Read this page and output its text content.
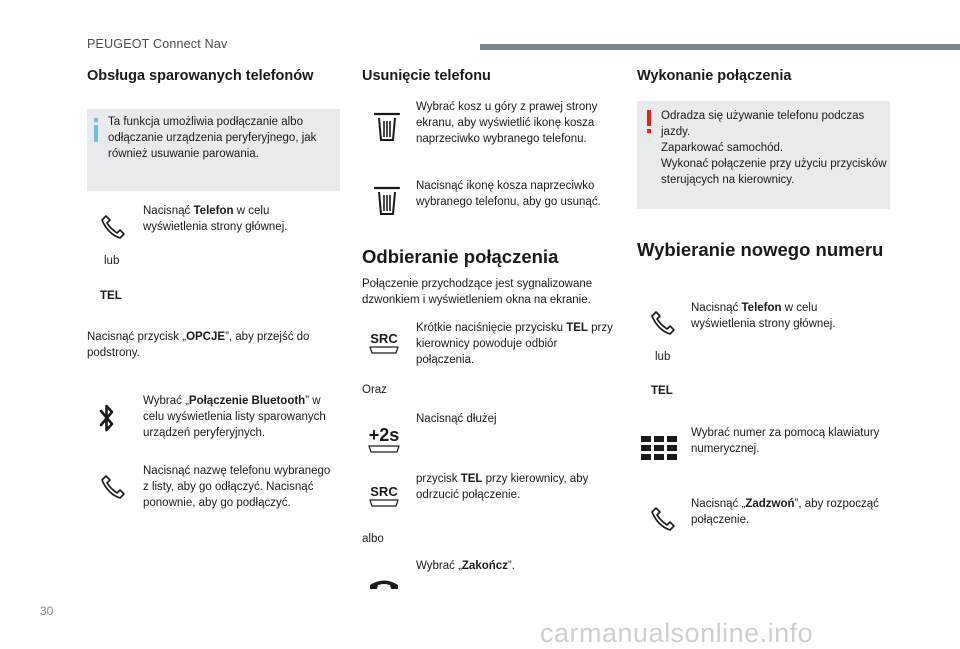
PEUGEOT Connect Nav
Obsługa sparowanych telefonów
Ta funkcja umożliwia podłączanie albo odłączanie urządzenia peryferyjnego, jak również usuwanie parowania.
Nacisnąć Telefon w celu wyświetlenia strony głównej.
lub
TEL
Nacisnąć przycisk „OPCJE”, aby przejść do podstrony.
Wybrać „Połączenie Bluetooth” w celu wyświetlenia listy sparowanych urządzeń peryferyjnych.
Nacisnąć nazwę telefonu wybranego z listy, aby go odłączyć. Nacisnąć ponownie, aby go podłączyć.
Usunięcie telefonu
Wybrać kosz u góry z prawej strony ekranu, aby wyświetlić ikonę kosza naprzeciwko wybranego telefonu.
Nacisnąć ikonę kosza naprzeciwko wybranego telefonu, aby go usunąć.
Odbieranie połączenia
Połączenie przychodzące jest sygnalizowane dzwonkiem i wyświetleniem okna na ekranie.
SRC
Krótkie naciśnięcie przycisku TEL przy kierownicy powoduje odbiór połączenia.
Oraz
+2s
Nacisnąć dłużej
SRC
przycisk TEL przy kierownicy, aby odrzucić połączenie.
albo
Wybrać „Zakończ”.
Wykonanie połączenia
Odradza się używanie telefonu podczas jazdy.
Zaparkować samochód.
Wykonać połączenie przy użyciu przycisków sterujących na kierownicy.
Wybieranie nowego numeru
Nacisnąć Telefon w celu wyświetlenia strony głównej.
lub
TEL
Wybrać numer za pomocą klawiatury numerycznej.
Nacisnąć „Zadzwoń”, aby rozpocząć połączenie.
30
carmanualsonline.info
